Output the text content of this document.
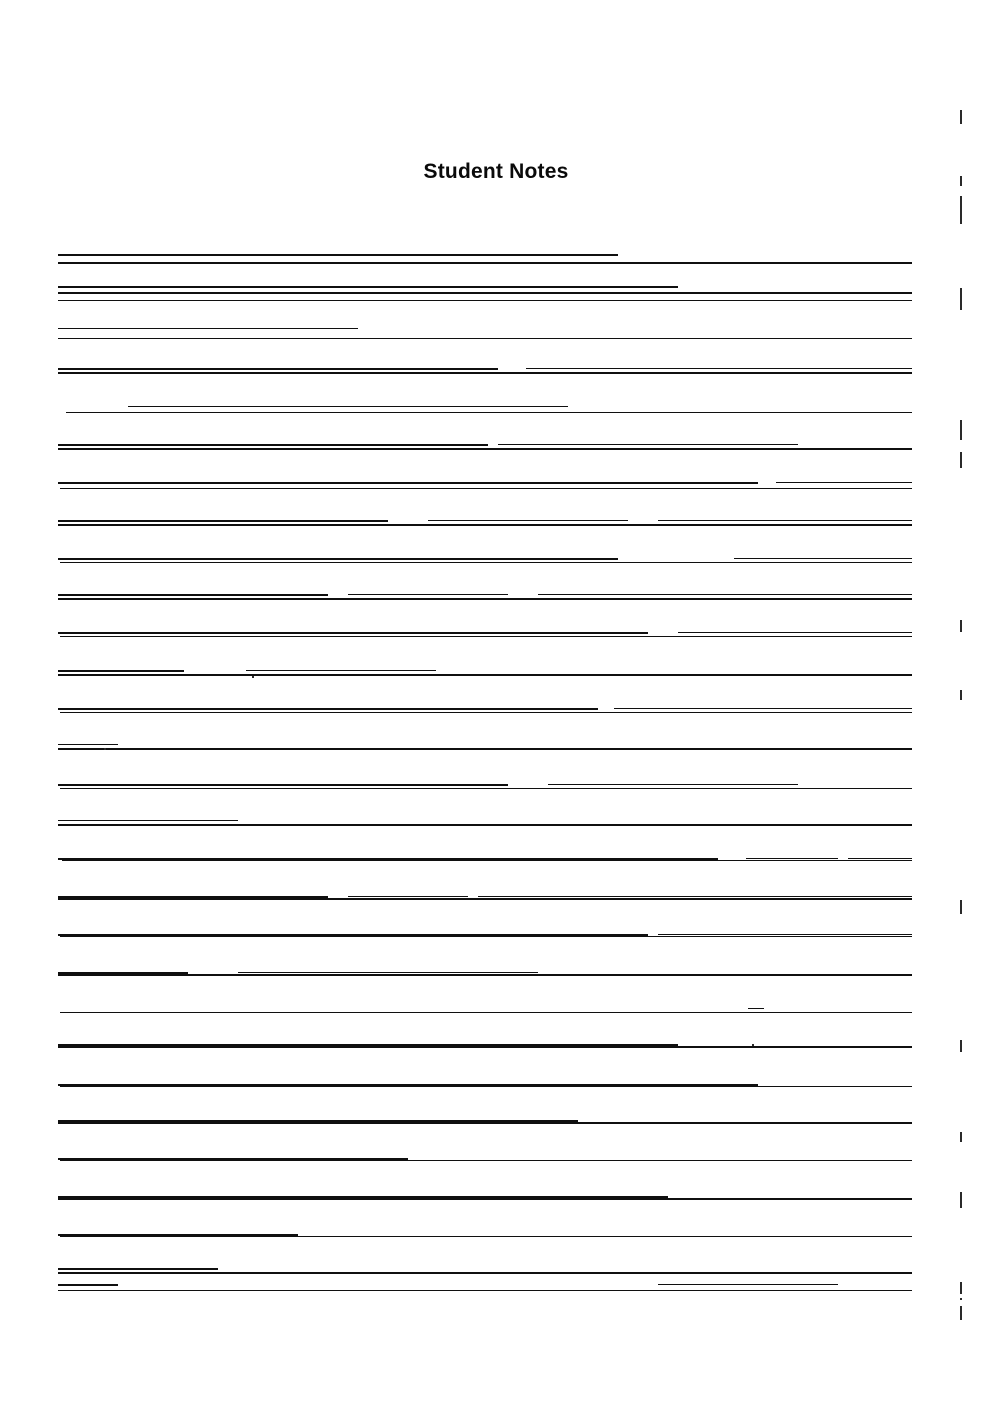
Student Notes
